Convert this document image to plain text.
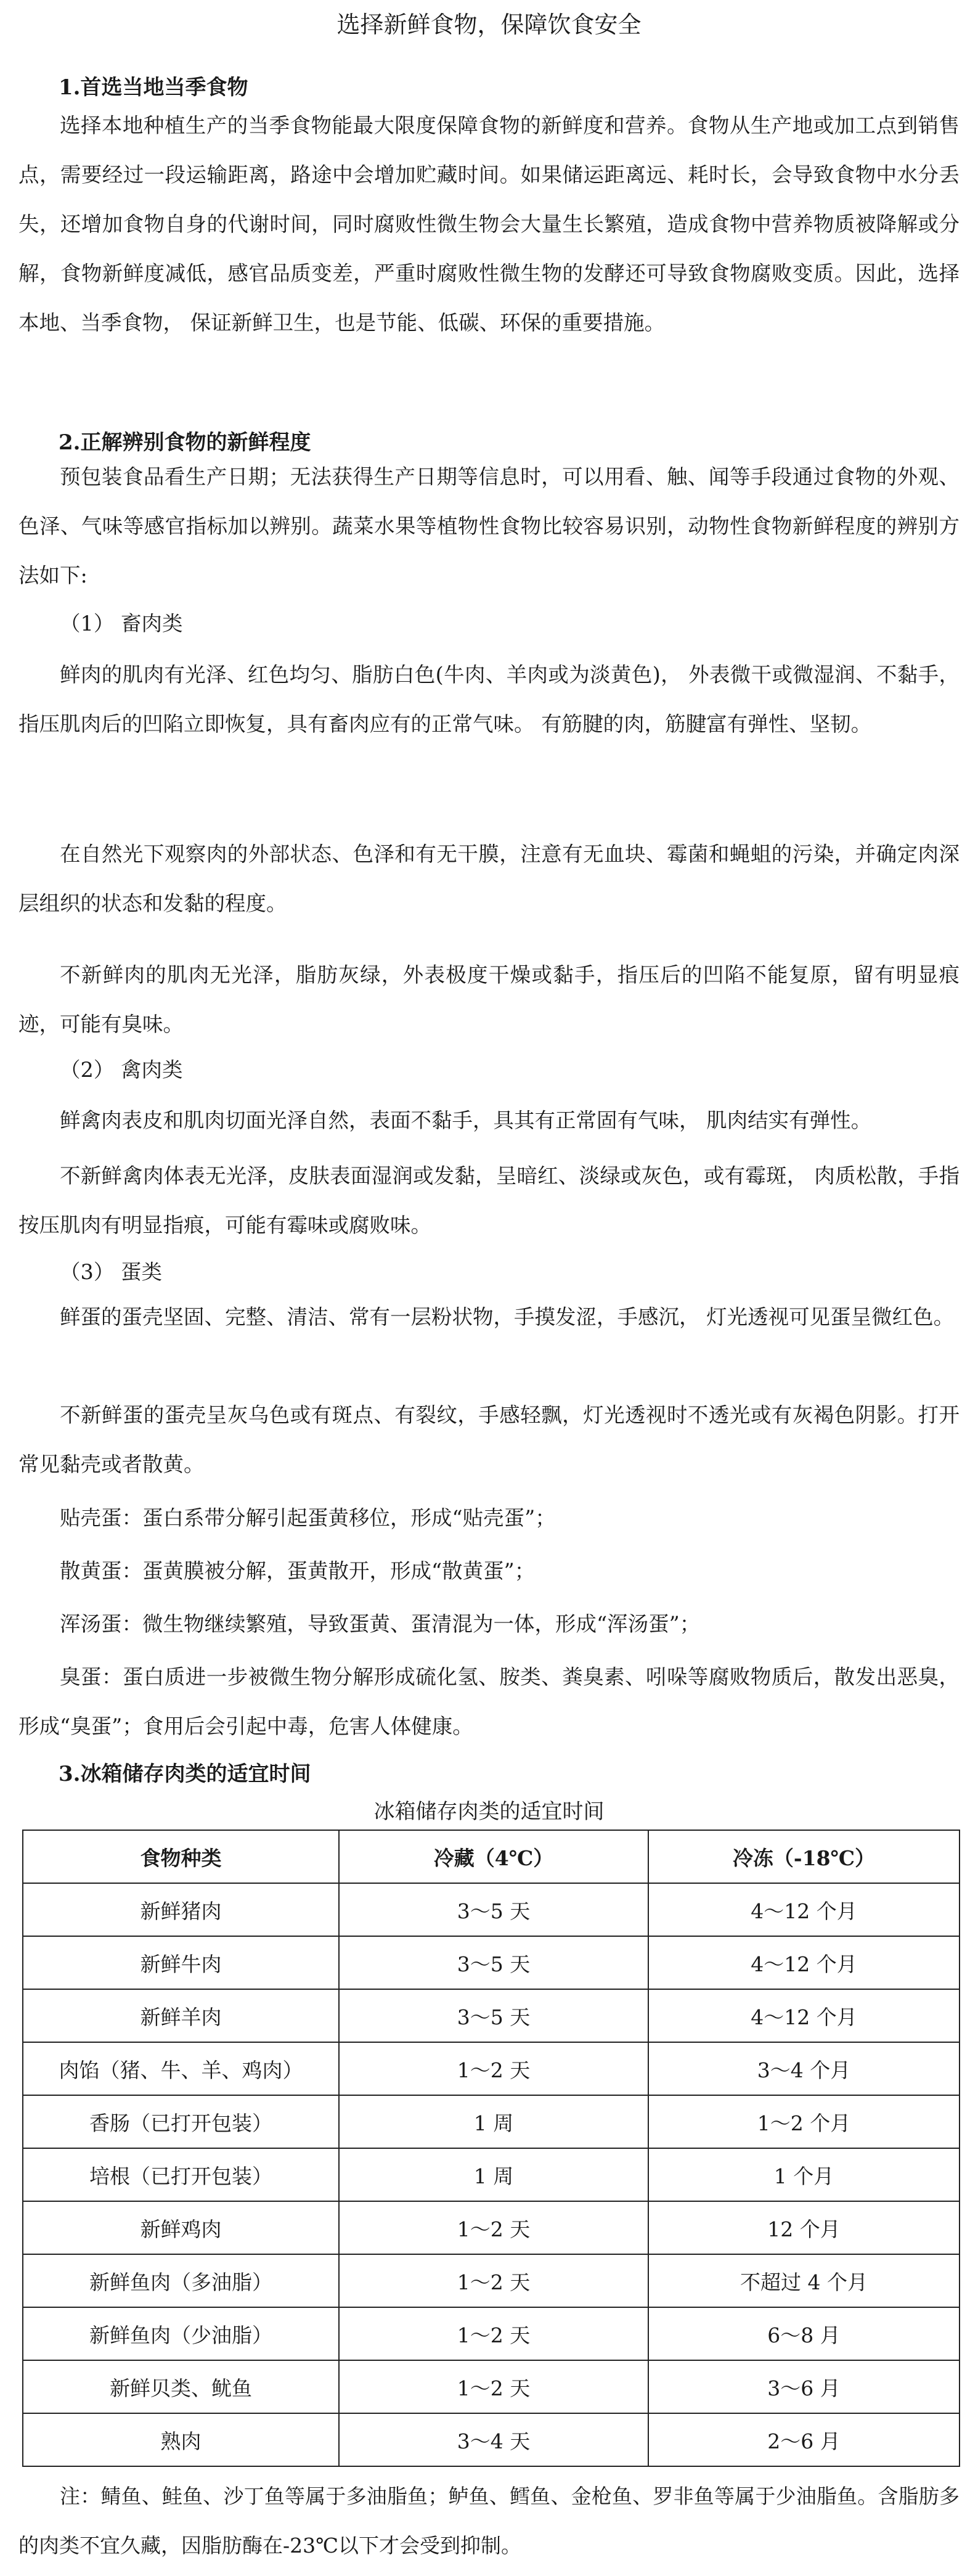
选择新鲜食物，保障饮食安全
1.首选当地当季食物

选择本地种植生产的当季食物能最大限度保障食物的新鲜度和营养。食物从生产地或加工点到销售点，需要经过一段运输距离，路途中会增加贮藏时间。如果储运距离远、耗时长，会导致食物中水分丢失，还增加食物自身的代谢时间，同时腐败性微生物会大量生长繁殖，造成食物中营养物质被降解或分解，食物新鲜度减低，感官品质变差，严重时腐败性微生物的发酵还可导致食物腐败变质。因此，选择本地、当季食物， 保证新鲜卫生，也是节能、低碳、环保的重要措施。

2.正解辨别食物的新鲜程度

预包装食品看生产日期；无法获得生产日期等信息时，可以用看、触、闻等手段通过食物的外观、色泽、气味等感官指标加以辨别。蔬菜水果等植物性食物比较容易识别，动物性食物新鲜程度的辨别方法如下:

（1） 畜肉类

鲜肉的肌肉有光泽、红色均匀、脂肪白色(牛肉、羊肉或为淡黄色)， 外表微干或微湿润、不黏手，指压肌肉后的凹陷立即恢复，具有畜肉应有的正常气味。 有筋腱的肉，筋腱富有弹性、坚韧。

在自然光下观察肉的外部状态、色泽和有无干膜，注意有无血块、霉菌和蝇蛆的污染，并确定肉深层组织的状态和发黏的程度。

不新鲜肉的肌肉无光泽，脂肪灰绿，外表极度干燥或黏手，指压后的凹陷不能复原，留有明显痕迹，可能有臭味。

（2） 禽肉类

鲜禽肉表皮和肌肉切面光泽自然，表面不黏手，具其有正常固有气味， 肌肉结实有弹性。

不新鲜禽肉体表无光泽，皮肤表面湿润或发黏，呈暗红、淡绿或灰色，或有霉斑， 肉质松散，手指按压肌肉有明显指痕，可能有霉味或腐败味。

（3） 蛋类

鲜蛋的蛋壳坚固、完整、清洁、常有一层粉状物，手摸发涩，手感沉， 灯光透视可见蛋呈微红色。

不新鲜蛋的蛋壳呈灰乌色或有斑点、有裂纹，手感轻飘，灯光透视时不透光或有灰褐色阴影。打开常见黏壳或者散黄。

贴壳蛋：蛋白系带分解引起蛋黄移位，形成“贴壳蛋”；

散黄蛋：蛋黄膜被分解，蛋黄散开，形成“散黄蛋”；

浑汤蛋：微生物继续繁殖，导致蛋黄、蛋清混为一体，形成“浑汤蛋”；

臭蛋：蛋白质进一步被微生物分解形成硫化氢、胺类、粪臭素、吲哚等腐败物质后，散发出恶臭，形成“臭蛋”；食用后会引起中毒，危害人体健康。

3.冰箱储存肉类的适宜时间
冰箱储存肉类的适宜时间
食物种类	冷藏（4℃）	冷冻（-18℃）
新鲜猪肉	3～5 天	4～12 个月
新鲜牛肉	3～5 天	4～12 个月
新鲜羊肉	3～5 天	4～12 个月
肉馅（猪、牛、羊、鸡肉）	1～2 天	3～4 个月
香肠（已打开包装）	1 周	1～2 个月
培根（已打开包装）	1 周	1 个月
新鲜鸡肉	1～2 天	12 个月
新鲜鱼肉（多油脂）	1～2 天	不超过 4 个月
新鲜鱼肉（少油脂）	1～2 天	6～8 月
新鲜贝类、鱿鱼	1～2 天	3～6 月
熟肉	3～4 天	2～6 月

注：鲭鱼、鲑鱼、沙丁鱼等属于多油脂鱼；鲈鱼、鳕鱼、金枪鱼、罗非鱼等属于少油脂鱼。含脂肪多的肉类不宜久藏，因脂肪酶在-23℃以下才会受到抑制。
